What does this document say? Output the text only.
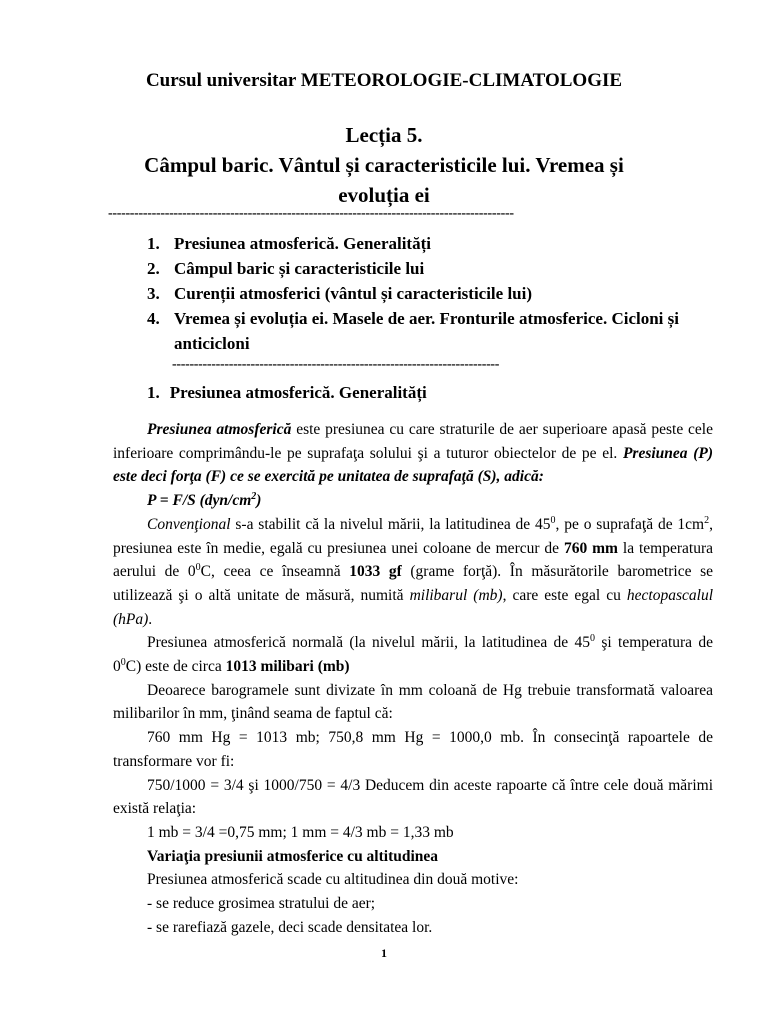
Cursul universitar METEOROLOGIE-CLIMATOLOGIE
Lecția 5.
Câmpul baric. Vântul și caracteristicile lui. Vremea și
evoluția ei
---------------------------------------------------------------------------------------------
1. Presiunea atmosferică. Generalități
2. Câmpul baric și caracteristicile lui
3. Curenții atmosferici (vântul și caracteristicile lui)
4. Vremea și evoluția ei. Masele de aer. Fronturile atmosferice. Cicloni și anticicloni
---------------------------------------------------------------------------
1. Presiunea atmosferică. Generalități

Presiunea atmosferică este presiunea cu care straturile de aer superioare apasă peste cele inferioare comprimându-le pe suprafaţa solului şi a tuturor obiectelor de pe el. Presiunea (P) este deci forţa (F) ce se exercită pe unitatea de suprafaţă (S), adică:

P = F/S $(dyn/cm^2)$

Convenţional s-a stabilit că la nivelul mării, la latitudinea de $45^0$, pe o suprafaţă de $1cm^2$, presiunea este în medie, egală cu presiunea unei coloane de mercur de 760 mm la temperatura aerului de $0^0C$, ceea ce înseamnă 1033 gf (grame forţă). În măsurătorile barometrice se utilizează şi o altă unitate de măsură, numită milibarul (mb), care este egal cu hectopascalul (hPa).

Presiunea atmosferică normală (la nivelul mării, la latitudinea de $45^0$ şi temperatura de $0^0C$) este de circa 1013 milibari (mb)

Deoarece barogramele sunt divizate în mm coloană de Hg trebuie transformată valoarea milibarilor în mm, ţinând seama de faptul că:

760 mm Hg = 1013 mb; 750,8 mm Hg = 1000,0 mb. În consecinţă rapoartele de transformare vor fi:

750/1000 = 3/4 şi 1000/750 = 4/3 Deducem din aceste rapoarte că între cele două mărimi există relaţia:

1 mb = 3/4 =0,75 mm; 1 mm = 4/3 mb = 1,33 mb

Variaţia presiunii atmosferice cu altitudinea

Presiunea atmosferică scade cu altitudinea din două motive:

- se reduce grosimea stratului de aer;

- se rarefiază gazele, deci scade densitatea lor.

1
